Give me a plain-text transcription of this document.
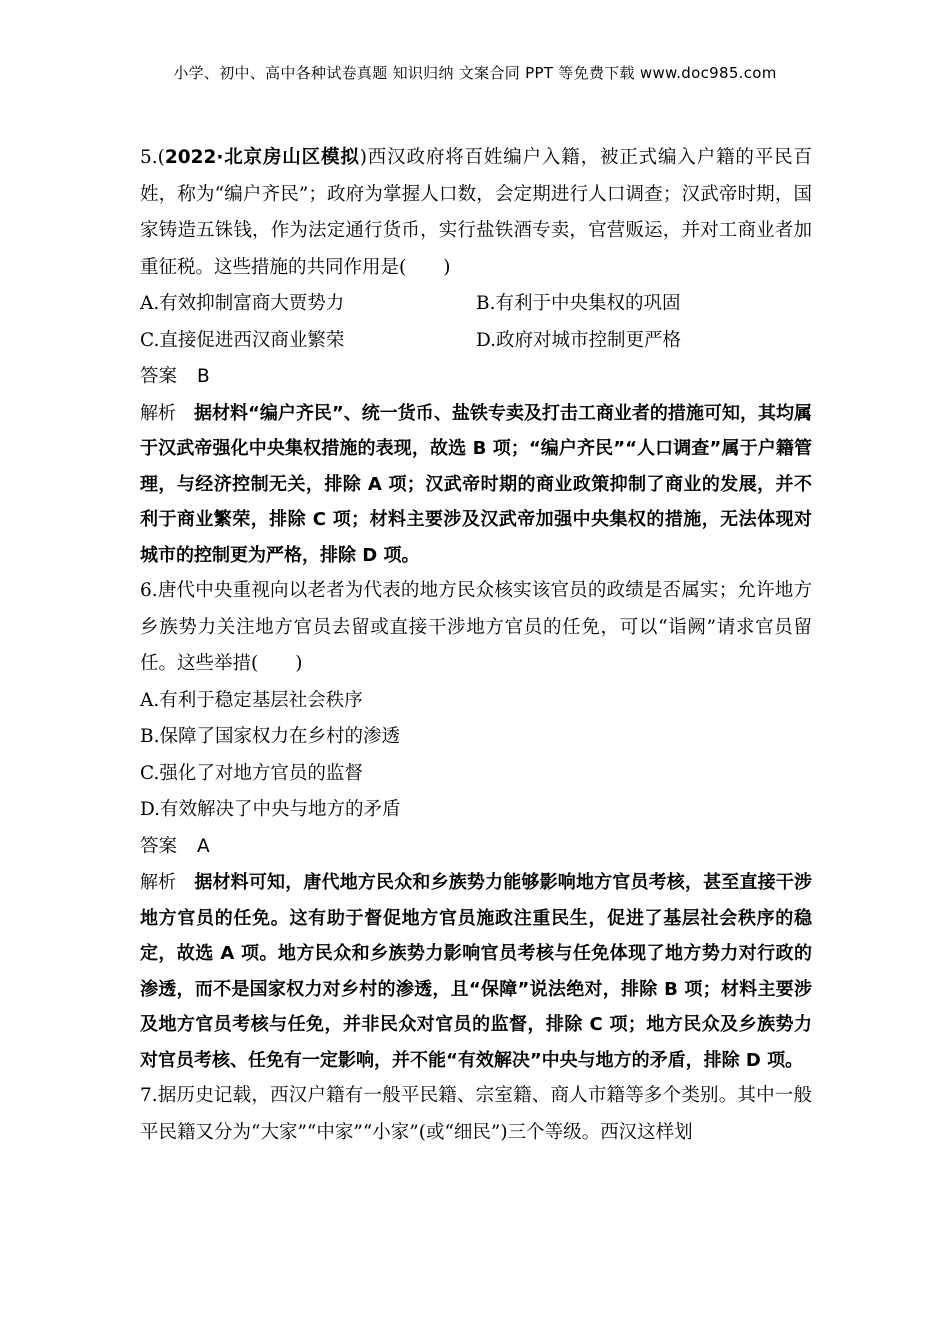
小学、初中、高中各种试卷真题 知识归纳 文案合同 PPT 等免费下载 www.doc985.com
5.(2022·北京房山区模拟)西汉政府将百姓编户入籍，被正式编入户籍的平民百姓，称为“编户齐民”；政府为掌握人口数，会定期进行人口调查；汉武帝时期，国家铸造五铢钱，作为法定通行货币，实行盐铁酒专卖，官营贩运，并对工商业者加重征税。这些措施的共同作用是(　　)
A.有效抑制富商大贾势力	B.有利于中央集权的巩固
C.直接促进西汉商业繁荣	D.政府对城市控制更严格
答案 B
解析 据材料“编户齐民”、统一货币、盐铁专卖及打击工商业者的措施可知，其均属于汉武帝强化中央集权措施的表现，故选 B 项；“编户齐民”“人口调查”属于户籍管理，与经济控制无关，排除 A 项；汉武帝时期的商业政策抑制了商业的发展，并不利于商业繁荣，排除 C 项；材料主要涉及汉武帝加强中央集权的措施，无法体现对城市的控制更为严格，排除 D 项。
6.唐代中央重视向以老者为代表的地方民众核实该官员的政绩是否属实；允许地方乡族势力关注地方官员去留或直接干涉地方官员的任免，可以“诣阙”请求官员留任。这些举措(　　)
A.有利于稳定基层社会秩序
B.保障了国家权力在乡村的渗透
C.强化了对地方官员的监督
D.有效解决了中央与地方的矛盾
答案 A
解析 据材料可知，唐代地方民众和乡族势力能够影响地方官员考核，甚至直接干涉地方官员的任免。这有助于督促地方官员施政注重民生，促进了基层社会秩序的稳定，故选 A 项。地方民众和乡族势力影响官员考核与任免体现了地方势力对行政的渗透，而不是国家权力对乡村的渗透，且“保障”说法绝对，排除 B 项；材料主要涉及地方官员考核与任免，并非民众对官员的监督，排除 C 项；地方民众及乡族势力对官员考核、任免有一定影响，并不能“有效解决”中央与地方的矛盾，排除 D 项。
7.据历史记载，西汉户籍有一般平民籍、宗室籍、商人市籍等多个类别。其中一般平民籍又分为“大家”“中家”“小家”(或“细民”)三个等级。西汉这样划
